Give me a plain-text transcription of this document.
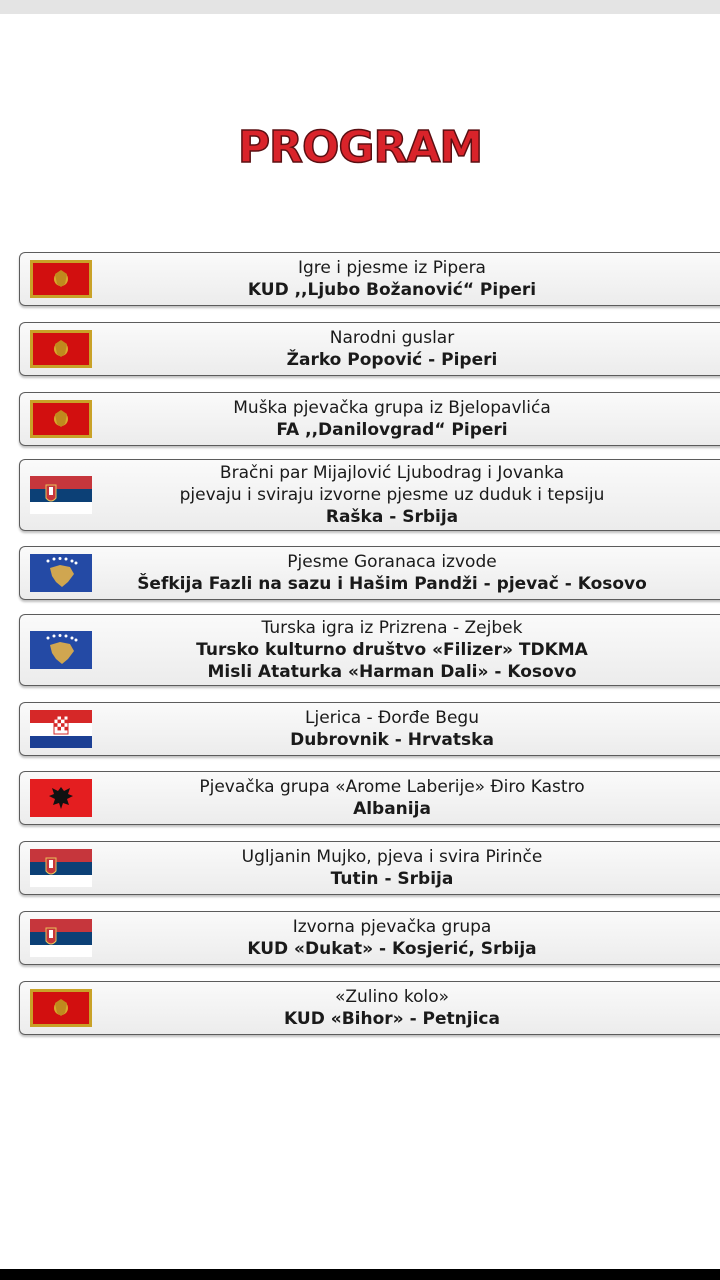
PROGRAM
Igre i pjesme iz Pipera
KUD ,,Ljubo Božanović“ Piperi
Narodni guslar
Žarko Popović - Piperi
Muška pjevačka grupa iz Bjelopavlića
FA ,,Danilovgrad“ Piperi
Bračni par Mijajlović Ljubodrag i Jovanka
pjevaju i sviraju izvorne pjesme uz duduk i tepsiju
Raška - Srbija
Pjesme Goranaca izvode
Šefkija Fazli na sazu i Hašim Pandži - pjevač - Kosovo
Turska igra iz Prizrena - Zejbek
Tursko kulturno društvo «Filizer» TDKMA
Misli Ataturka «Harman Dali» - Kosovo
Ljerica - Đorđe Begu
Dubrovnik - Hrvatska
Pjevačka grupa «Arome Laberije» Điro Kastro
Albanija
Ugljanin Mujko, pjeva i svira Pirinče
Tutin - Srbija
Izvorna pjevačka grupa
KUD «Dukat» - Kosjerić, Srbija
«Zulino kolo»
KUD «Bihor» - Petnjica
